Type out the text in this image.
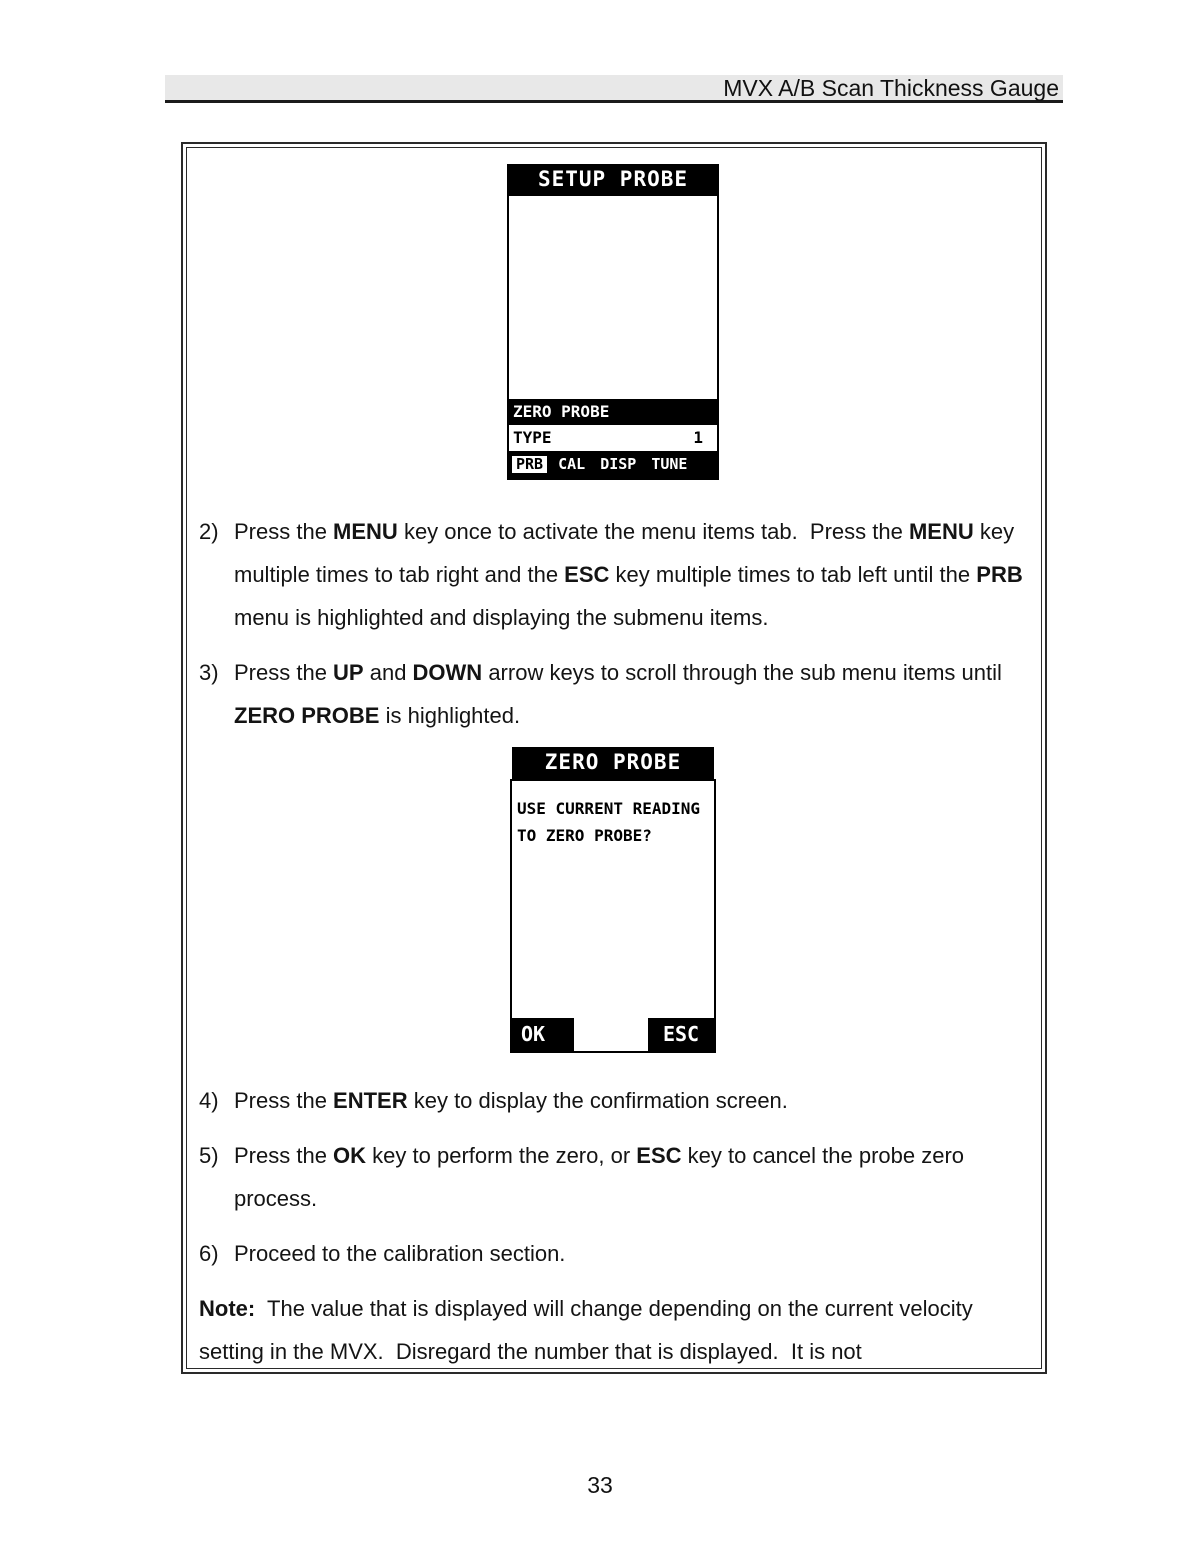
MVX A/B Scan Thickness Gauge
SETUP PROBE
ZERO PROBE
TYPE	1
PRB CAL DISP TUNE
2) Press the MENU key once to activate the menu items tab.  Press the MENU key multiple times to tab right and the ESC key multiple times to tab left until the PRB menu is highlighted and displaying the submenu items.
3) Press the UP and DOWN arrow keys to scroll through the sub menu items until ZERO PROBE is highlighted.
ZERO PROBE
USE CURRENT READING
TO ZERO PROBE?
OK	ESC
4) Press the ENTER key to display the confirmation screen.
5) Press the OK key to perform the zero, or ESC key to cancel the probe zero process.
6) Proceed to the calibration section.
Note:  The value that is displayed will change depending on the current velocity setting in the MVX.  Disregard the number that is displayed.  It is not
33
